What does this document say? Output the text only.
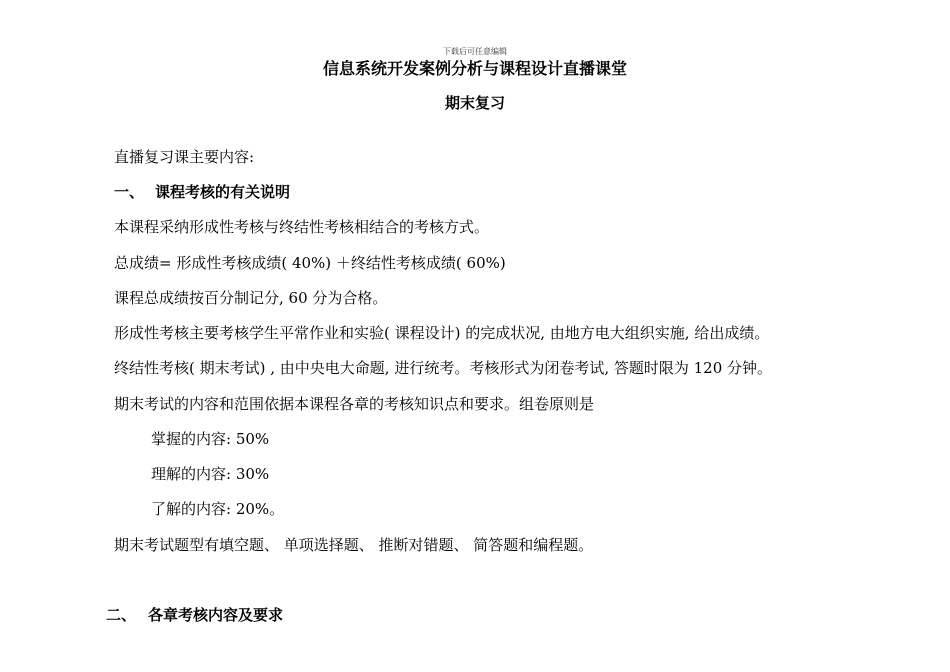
下载后可任意编辑
信息系统开发案例分析与课程设计直播课堂
期末复习
直播复习课主要内容:
一、 课程考核的有关说明
本课程采纳形成性考核与终结性考核相结合的考核方式。
总成绩= 形成性考核成绩( 40%) ＋终结性考核成绩( 60%)
课程总成绩按百分制记分, 60 分为合格。
形成性考核主要考核学生平常作业和实验( 课程设计) 的完成状况, 由地方电大组织实施, 给出成绩。
终结性考核( 期末考试) , 由中央电大命题, 进行统考。考核形式为闭卷考试, 答题时限为 120 分钟。
期末考试的内容和范围依据本课程各章的考核知识点和要求。组卷原则是
掌握的内容: 50%
理解的内容: 30%
了解的内容: 20%。
期末考试题型有填空题、 单项选择题、 推断对错题、 简答题和编程题。
二、 各章考核内容及要求
